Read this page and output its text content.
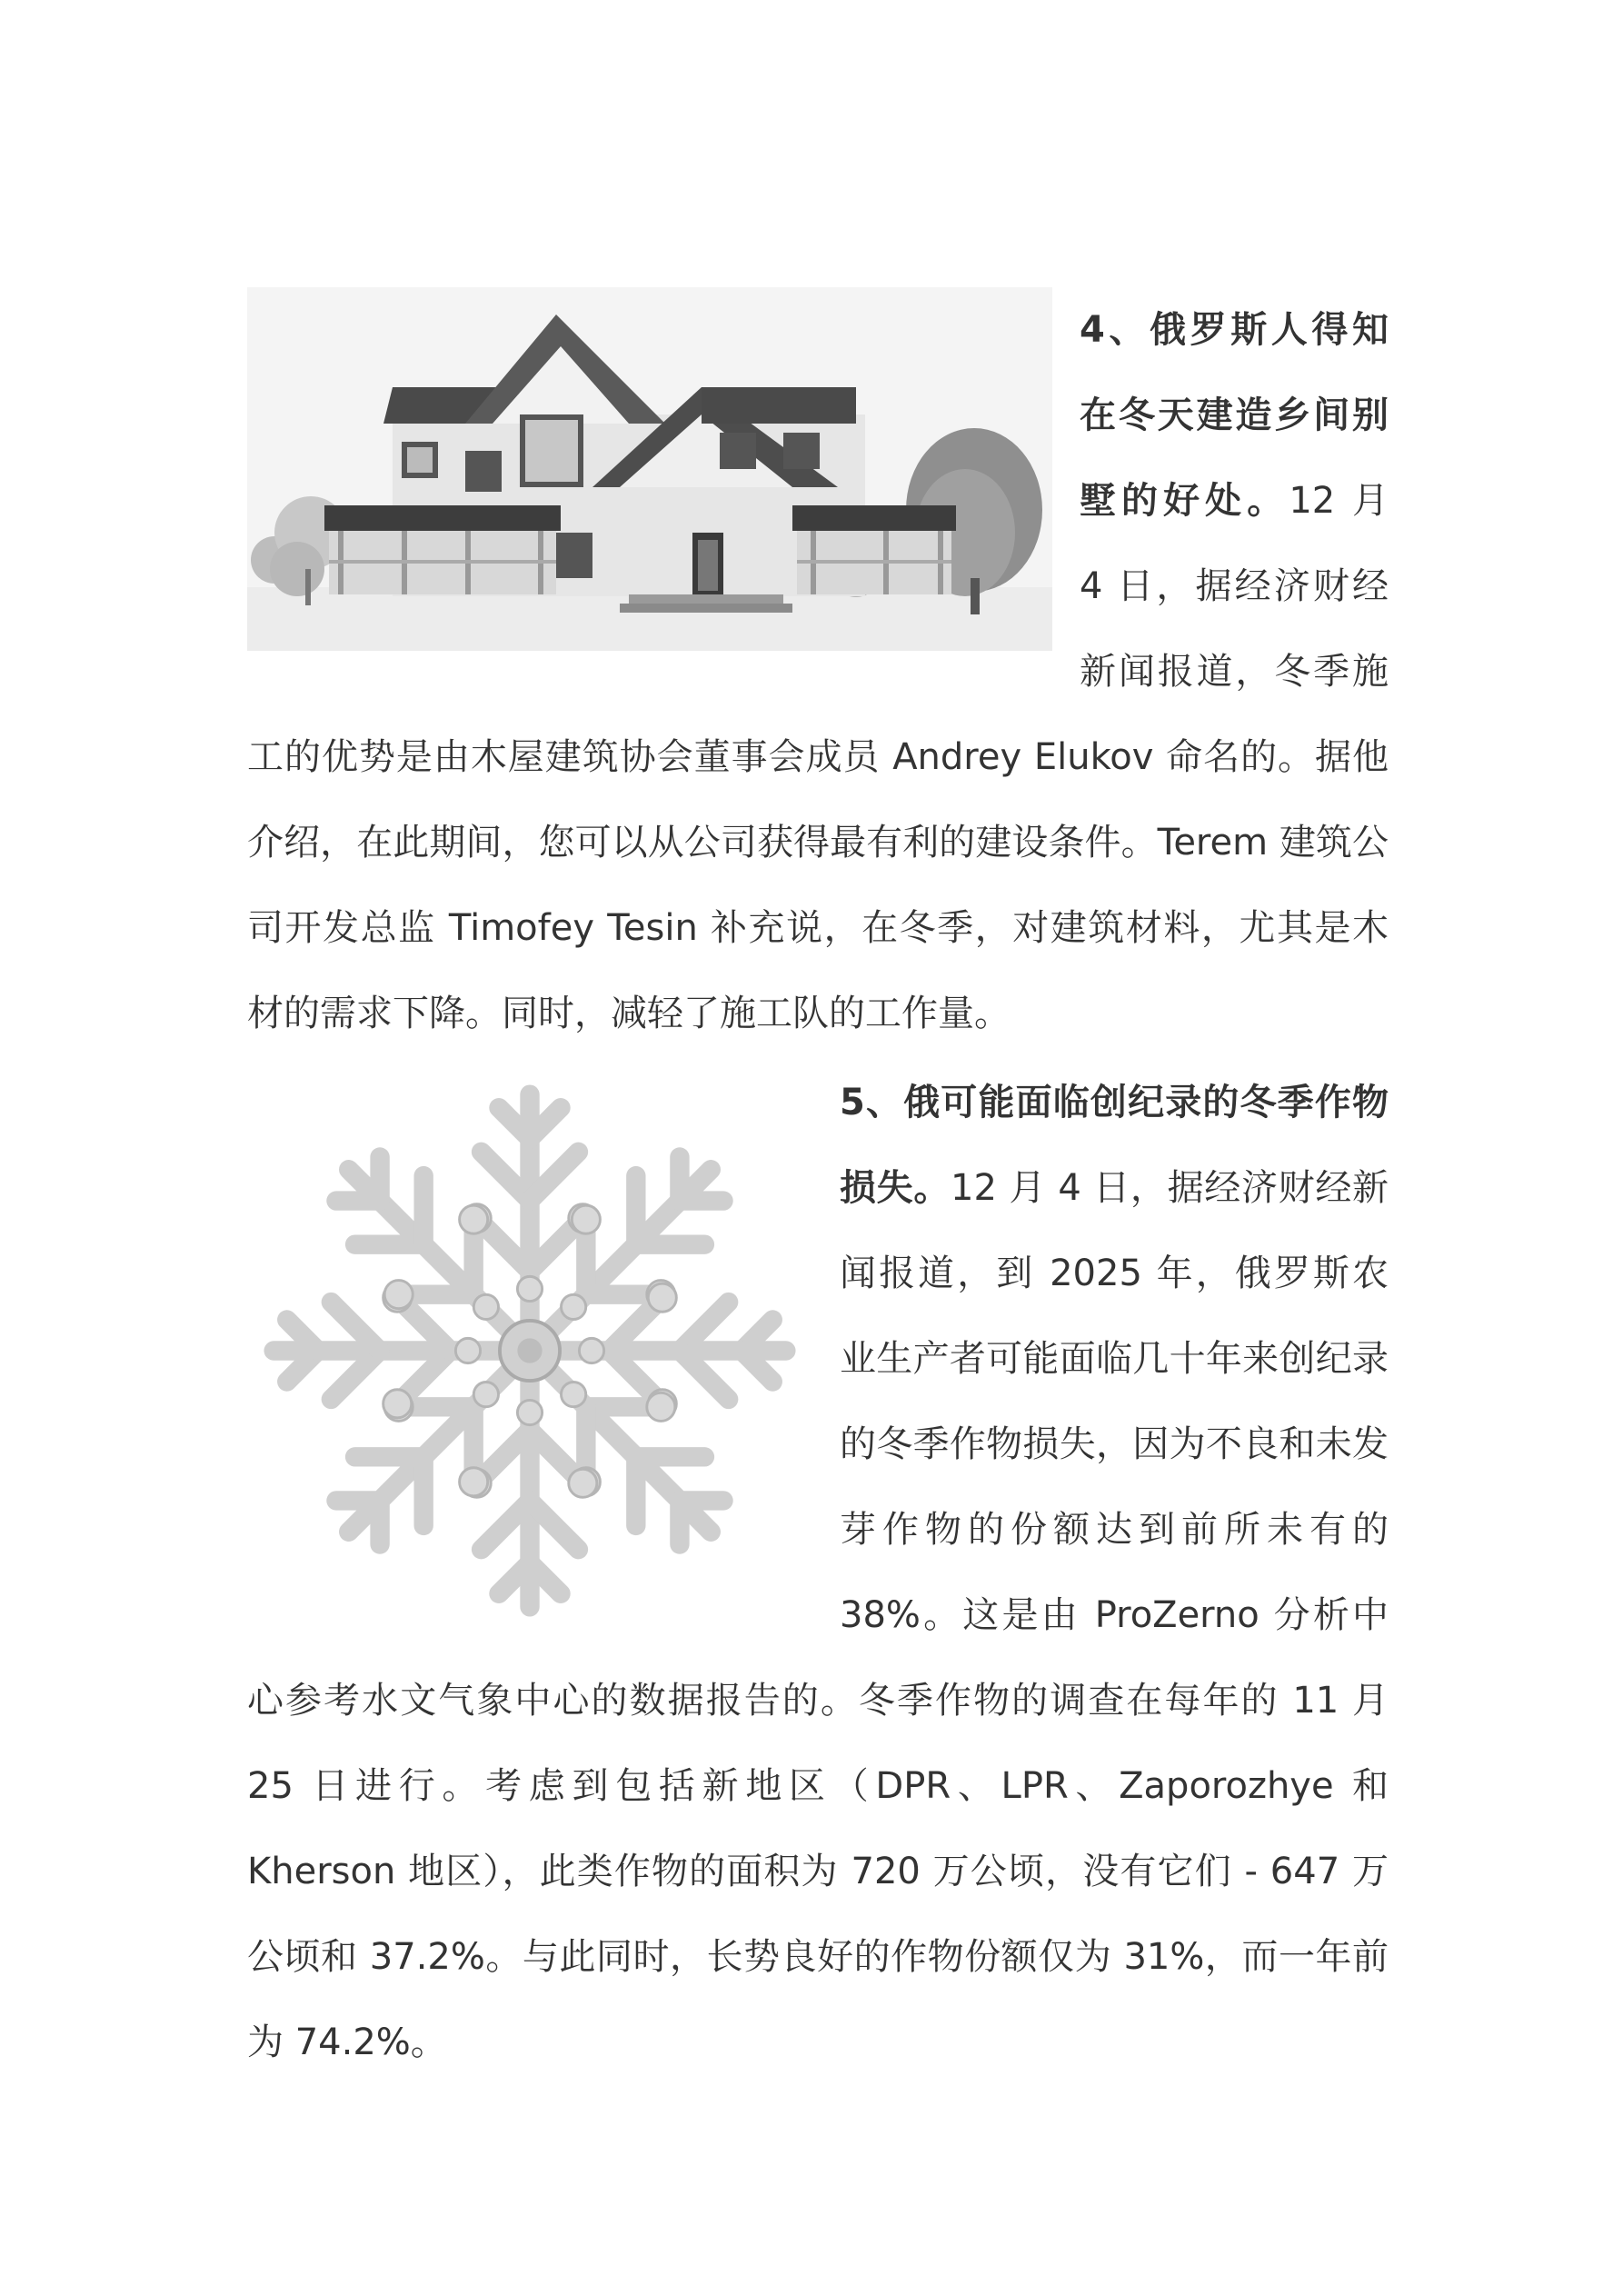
4、俄罗斯人得知在冬天建造乡间别墅的好处。12 月 4 日，据经济财经新闻报道，冬季施工的优势是由木屋建筑协会董事会成员 Andrey Elukov 命名的。据他介绍，在此期间，您可以从公司获得最有利的建设条件。Terem 建筑公司开发总监 Timofey Tesin 补充说，在冬季，对建筑材料，尤其是木材的需求下降。同时，减轻了施工队的工作量。

5、俄可能面临创纪录的冬季作物损失。12 月 4 日，据经济财经新闻报道，到 2025 年，俄罗斯农业生产者可能面临几十年来创纪录的冬季作物损失，因为不良和未发芽作物的份额达到前所未有的 38%。这是由 ProZerno 分析中心参考水文气象中心的数据报告的。冬季作物的调查在每年的 11 月 25 日进行。考虑到包括新地区（DPR、LPR、Zaporozhye 和 Kherson 地区），此类作物的面积为 720 万公顷，没有它们 - 647 万公顷和 37.2%。与此同时，长势良好的作物份额仅为 31%，而一年前为 74.2%。
